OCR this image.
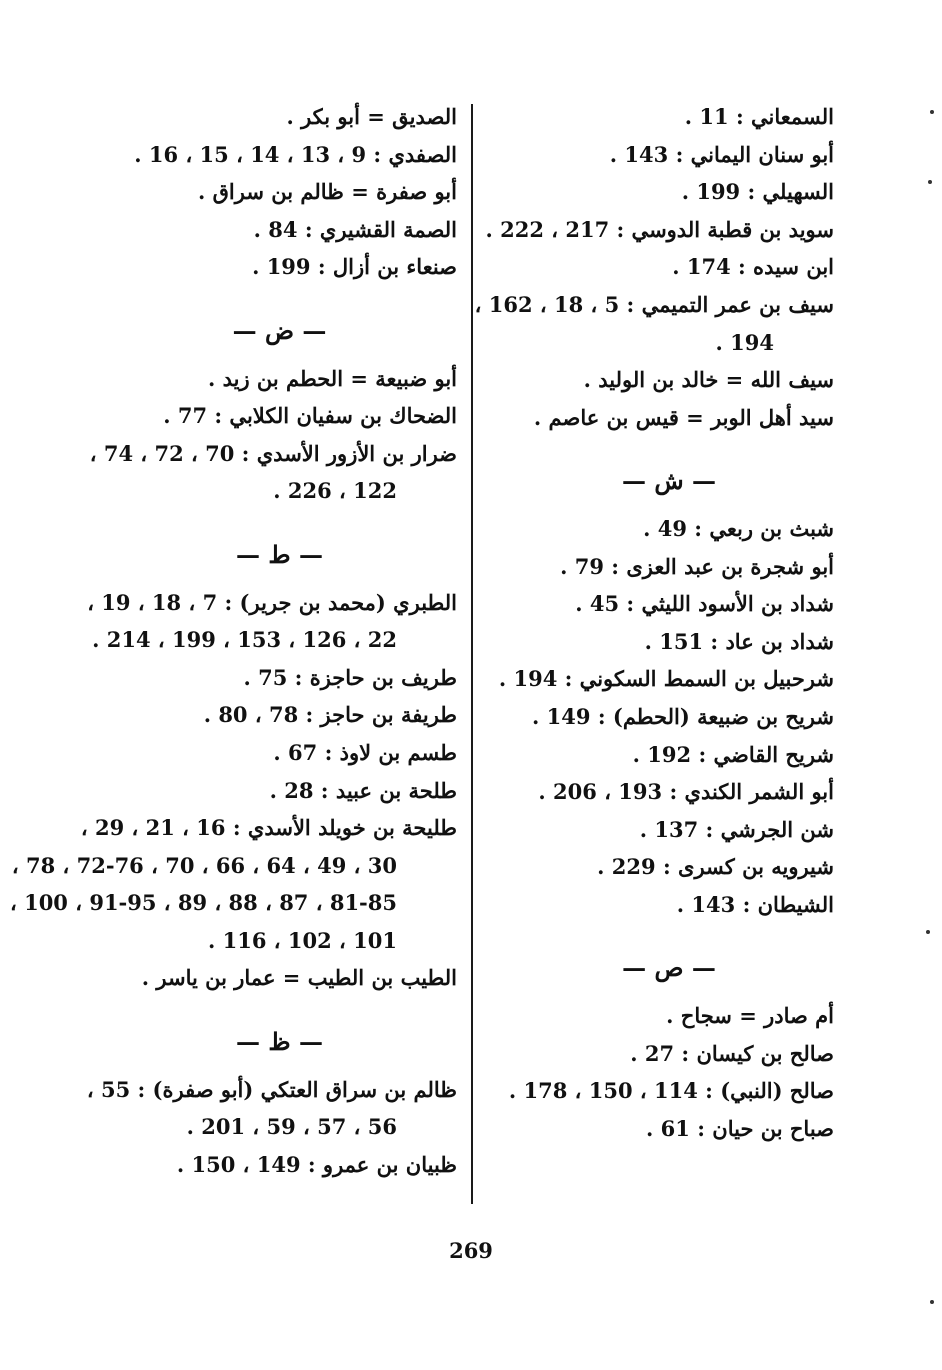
السمعاني : 11 .
أبو سنان اليماني : 143 .
السهيلي : 199 .
سويد بن قطبة الدوسي : 217 ، 222 .
ابن سيده : 174 .
سيف بن عمر التميمي : 5 ، 18 ، 162 ،
194 .
سيف الله = خالد بن الوليد .
سيد أهل الوبر = قيس بن عاصم .
— ش —
شبث بن ربعي : 49 .
أبو شجرة بن عبد العزى : 79 .
شداد بن الأسود الليثي : 45 .
شداد بن عاد : 151 .
شرحبيل بن السمط السكوني : 194 .
شريح بن ضبيعة (الحطم) : 149 .
شريح القاضي : 192 .
أبو الشمر الكندي : 193 ، 206 .
شن الجرشي : 137 .
شيرويه بن كسرى : 229 .
الشيطان : 143 .
— ص —
أم صادر = سجاح .
صالح بن كيسان : 27 .
صالح (النبي) : 114 ، 150 ، 178 .
صباح بن حيان : 61 .
الصديق = أبو بكر .
الصفدي : 9 ، 13 ، 14 ، 15 ، 16 .
أبو صفرة = ظالم بن سراق .
الصمة القشيري : 84 .
صنعاء بن أزال : 199 .
— ض —
أبو ضبيعة = الحطم بن زيد .
الضحاك بن سفيان الكلابي : 77 .
ضرار بن الأزور الأسدي : 70 ، 72 ، 74 ،
122 ، 226 .
— ط —
الطبري (محمد بن جرير) : 7 ، 18 ، 19 ،
22 ، 126 ، 153 ، 199 ، 214 .
طريف بن حاجزة : 75 .
طريفة بن حاجز : 78 ، 80 .
طسم بن لاوذ : 67 .
طلحة بن عبيد : 28 .
طليحة بن خويلد الأسدي : 16 ، 21 ، 29 ،
30 ، 49 ، 64 ، 66 ، 70 ، 72-76 ، 78 ،
81-85 ، 87 ، 88 ، 89 ، 91-95 ، 100 ،
101 ، 102 ، 116 .
الطيب بن الطيب = عمار بن ياسر .
— ظ —
ظالم بن سراق العتكي (أبو صفرة) : 55 ،
56 ، 57 ، 59 ، 201 .
ظبيان بن عمرو : 149 ، 150 .
269
